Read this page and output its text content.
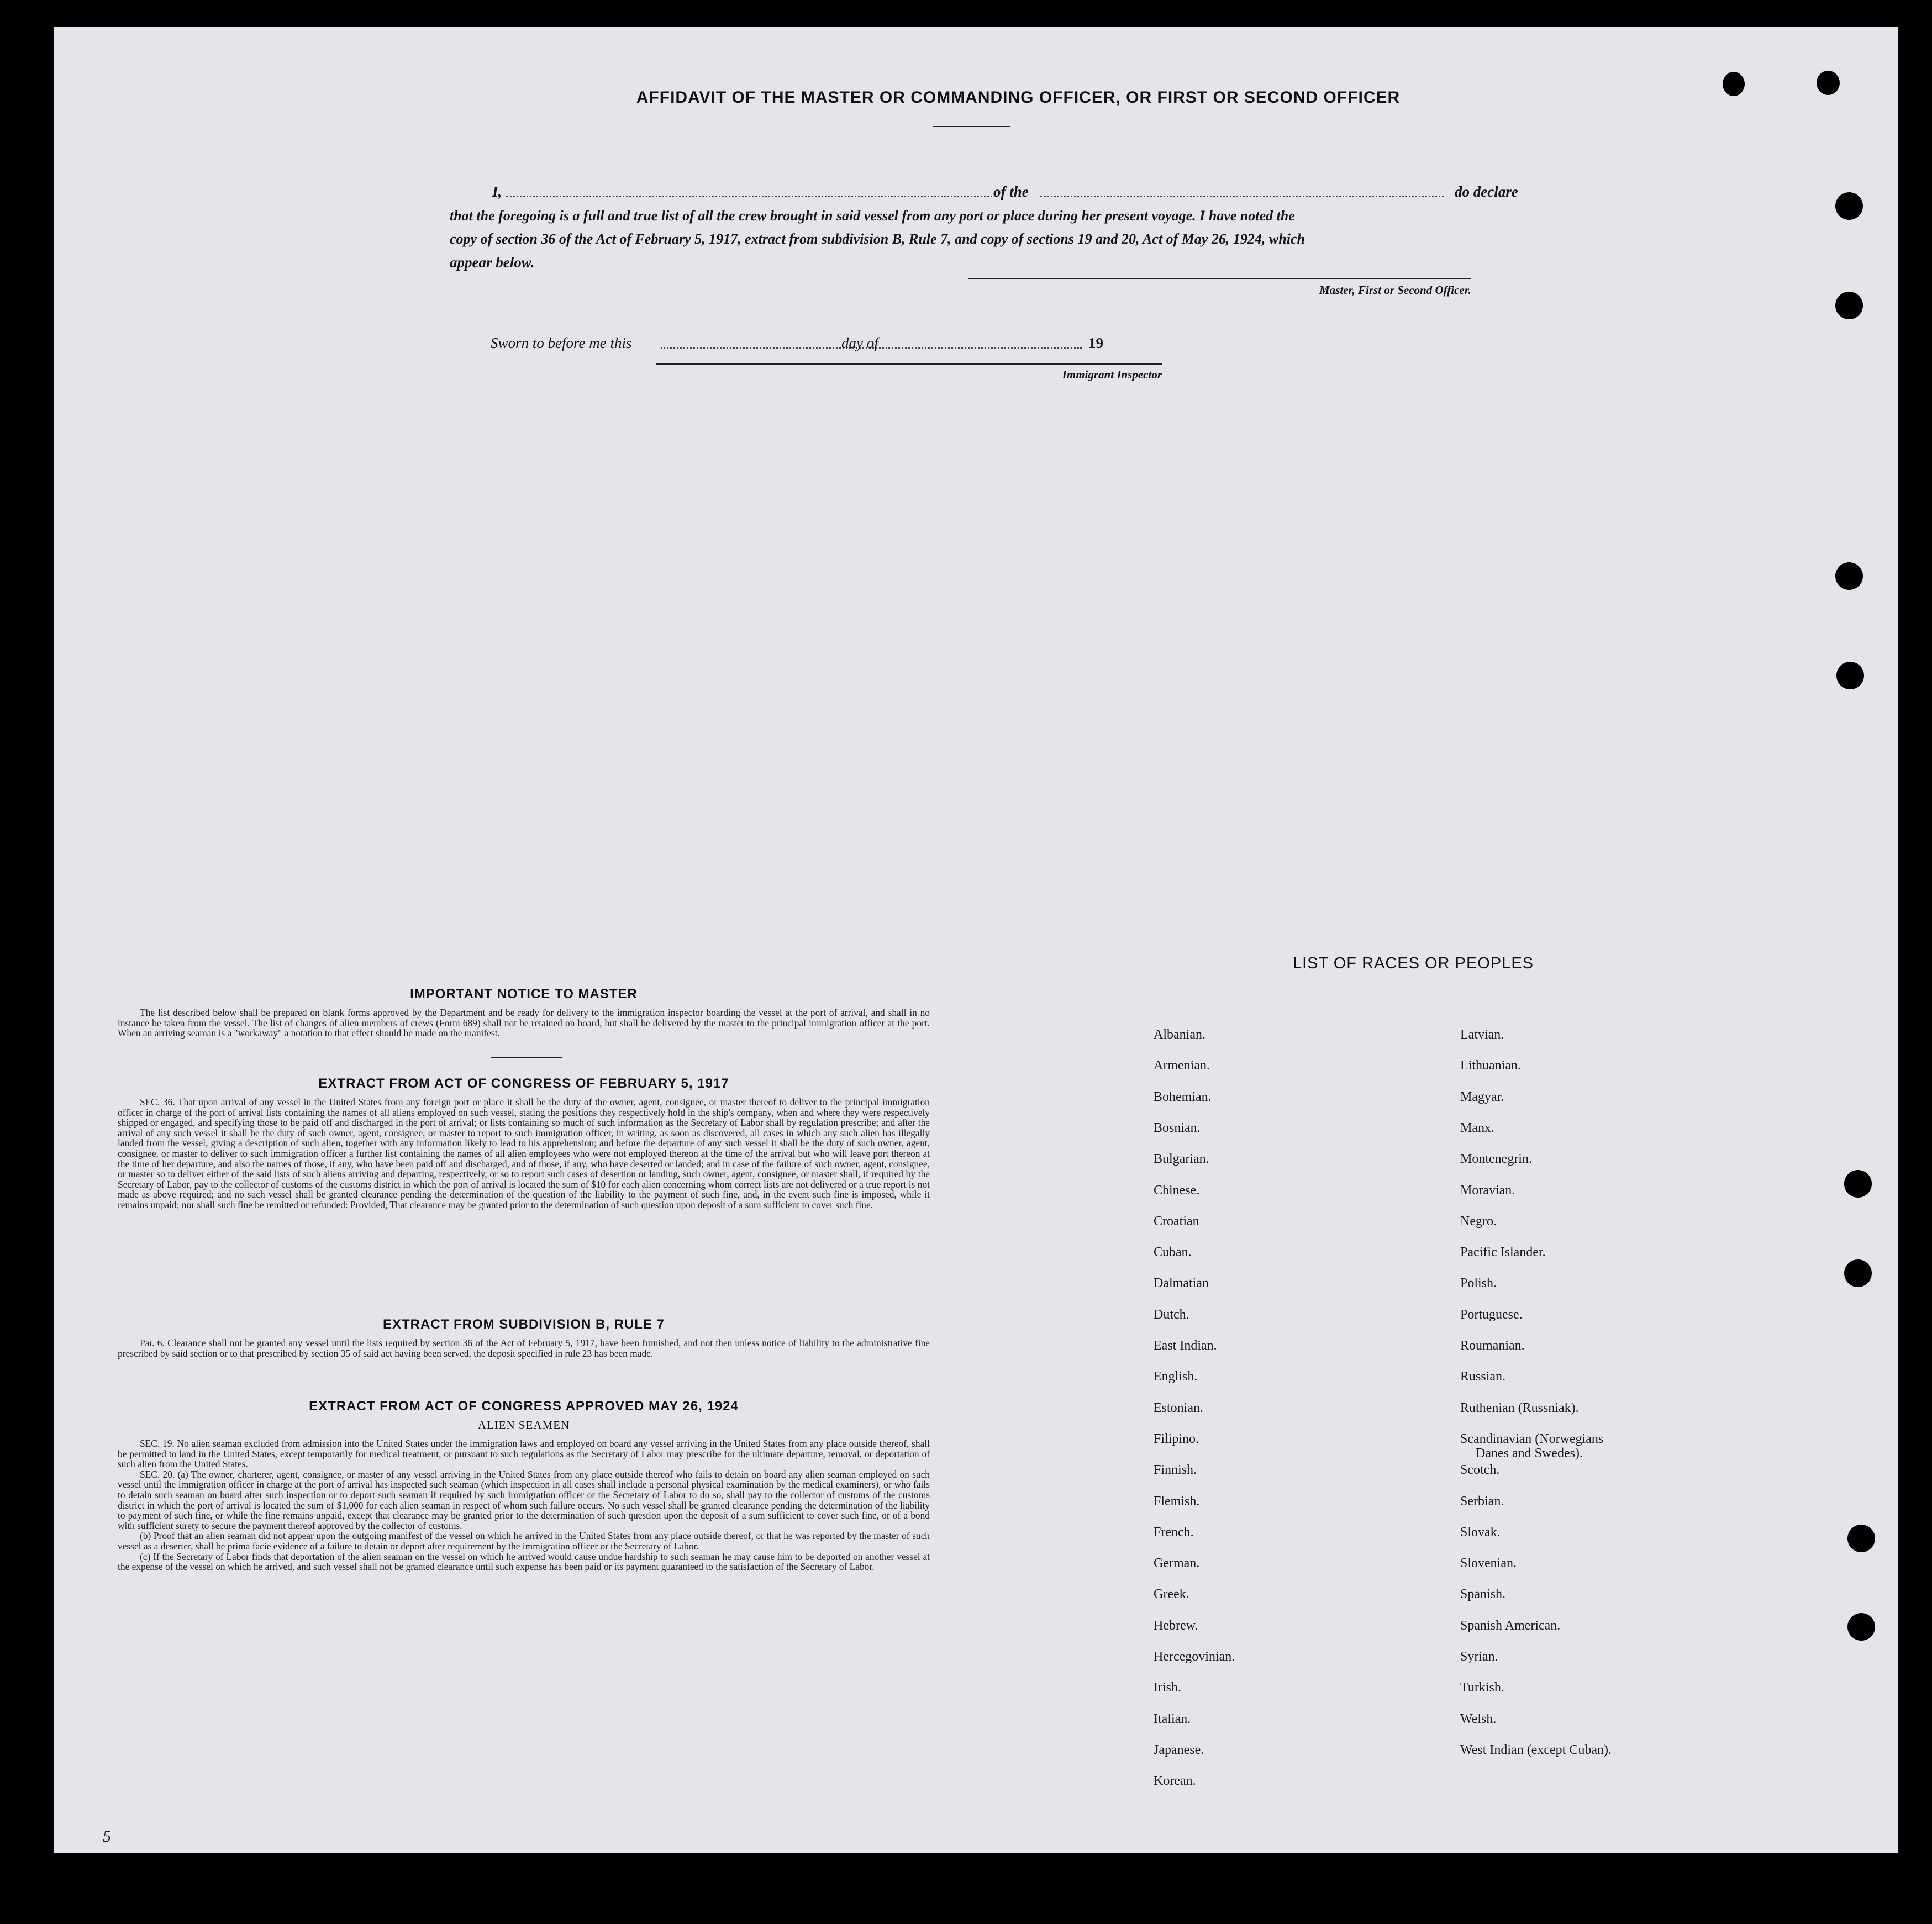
AFFIDAVIT OF THE MASTER OR COMMANDING OFFICER, OR FIRST OR SECOND OFFICER
I,	of the	do declare
that the foregoing is a full and true list of all the crew brought in said vessel from any port or place during her present voyage. I have noted the
copy of section 36 of the Act of February 5, 1917, extract from subdivision B, Rule 7, and copy of sections 19 and 20, Act of May 26, 1924, which
appear below.
Master, First or Second Officer.
Sworn to before me this	day of	19
Immigrant Inspector
IMPORTANT NOTICE TO MASTER

The list described below shall be prepared on blank forms approved by the Department and be ready for delivery to the immigration inspector boarding the vessel at the port of arrival, and shall in no instance be taken from the vessel. The list of changes of alien members of crews (Form 689) shall not be retained on board, but shall be delivered by the master to the principal immigration officer at the port. When an arriving seaman is a "workaway" a notation to that effect should be made on the manifest.

EXTRACT FROM ACT OF CONGRESS OF FEBRUARY 5, 1917

SEC. 36. That upon arrival of any vessel in the United States from any foreign port or place it shall be the duty of the owner, agent, consignee, or master thereof to deliver to the principal immigration officer in charge of the port of arrival lists containing the names of all aliens employed on such vessel, stating the positions they respectively hold in the ship's company, when and where they were respectively shipped or engaged, and specifying those to be paid off and discharged in the port of arrival; or lists containing so much of such information as the Secretary of Labor shall by regulation prescribe; and after the arrival of any such vessel it shall be the duty of such owner, agent, consignee, or master to report to such immigration officer, in writing, as soon as discovered, all cases in which any such alien has illegally landed from the vessel, giving a description of such alien, together with any information likely to lead to his apprehension; and before the departure of any such vessel it shall be the duty of such owner, agent, consignee, or master to deliver to such immigration officer a further list containing the names of all alien employees who were not employed thereon at the time of the arrival but who will leave port thereon at the time of her departure, and also the names of those, if any, who have been paid off and discharged, and of those, if any, who have deserted or landed; and in case of the failure of such owner, agent, consignee, or master so to deliver either of the said lists of such aliens arriving and departing, respectively, or so to report such cases of desertion or landing, such owner, agent, consignee, or master shall, if required by the Secretary of Labor, pay to the collector of customs of the customs district in which the port of arrival is located the sum of $10 for each alien concerning whom correct lists are not delivered or a true report is not made as above required; and no such vessel shall be granted clearance pending the determination of the question of the liability to the payment of such fine, and, in the event such fine is imposed, while it remains unpaid; nor shall such fine be remitted or refunded: Provided, That clearance may be granted prior to the determination of such question upon deposit of a sum sufficient to cover such fine.

EXTRACT FROM SUBDIVISION B, RULE 7

Par. 6. Clearance shall not be granted any vessel until the lists required by section 36 of the Act of February 5, 1917, have been furnished, and not then unless notice of liability to the administrative fine prescribed by said section or to that prescribed by section 35 of said act having been served, the deposit specified in rule 23 has been made.

EXTRACT FROM ACT OF CONGRESS APPROVED MAY 26, 1924
ALIEN SEAMEN

SEC. 19. No alien seaman excluded from admission into the United States under the immigration laws and employed on board any vessel arriving in the United States from any place outside thereof, shall be permitted to land in the United States, except temporarily for medical treatment, or pursuant to such regulations as the Secretary of Labor may prescribe for the ultimate departure, removal, or deportation of such alien from the United States.

SEC. 20. (a) The owner, charterer, agent, consignee, or master of any vessel arriving in the United States from any place outside thereof who fails to detain on board any alien seaman employed on such vessel until the immigration officer in charge at the port of arrival has inspected such seaman (which inspection in all cases shall include a personal physical examination by the medical examiners), or who fails to detain such seaman on board after such inspection or to deport such seaman if required by such immigration officer or the Secretary of Labor to do so, shall pay to the collector of customs of the customs district in which the port of arrival is located the sum of $1,000 for each alien seaman in respect of whom such failure occurs. No such vessel shall be granted clearance pending the determination of the liability to payment of such fine, or while the fine remains unpaid, except that clearance may be granted prior to the determination of such question upon the deposit of a sum sufficient to cover such fine, or of a bond with sufficient surety to secure the payment thereof approved by the collector of customs.

(b) Proof that an alien seaman did not appear upon the outgoing manifest of the vessel on which he arrived in the United States from any place outside thereof, or that he was reported by the master of such vessel as a deserter, shall be prima facie evidence of a failure to detain or deport after requirement by the immigration officer or the Secretary of Labor.

(c) If the Secretary of Labor finds that deportation of the alien seaman on the vessel on which he arrived would cause undue hardship to such seaman he may cause him to be deported on another vessel at the expense of the vessel on which he arrived, and such vessel shall not be granted clearance until such expense has been paid or its payment guaranteed to the satisfaction of the Secretary of Labor.

LIST OF RACES OR PEOPLES
Albanian.
Armenian.
Bohemian.
Bosnian.
Bulgarian.
Chinese.
Croatian
Cuban.
Dalmatian
Dutch.
East Indian.
English.
Estonian.
Filipino.
Finnish.
Flemish.
French.
German.
Greek.
Hebrew.
Hercegovinian.
Irish.
Italian.
Japanese.
Korean.
Latvian.
Lithuanian.
Magyar.
Manx.
Montenegrin.
Moravian.
Negro.
Pacific Islander.
Polish.
Portuguese.
Roumanian.
Russian.
Ruthenian (Russniak).
Scandinavian (Norwegians
Danes and Swedes).
Scotch.
Serbian.
Slovak.
Slovenian.
Spanish.
Spanish American.
Syrian.
Turkish.
Welsh.
West Indian (except Cuban).
5
